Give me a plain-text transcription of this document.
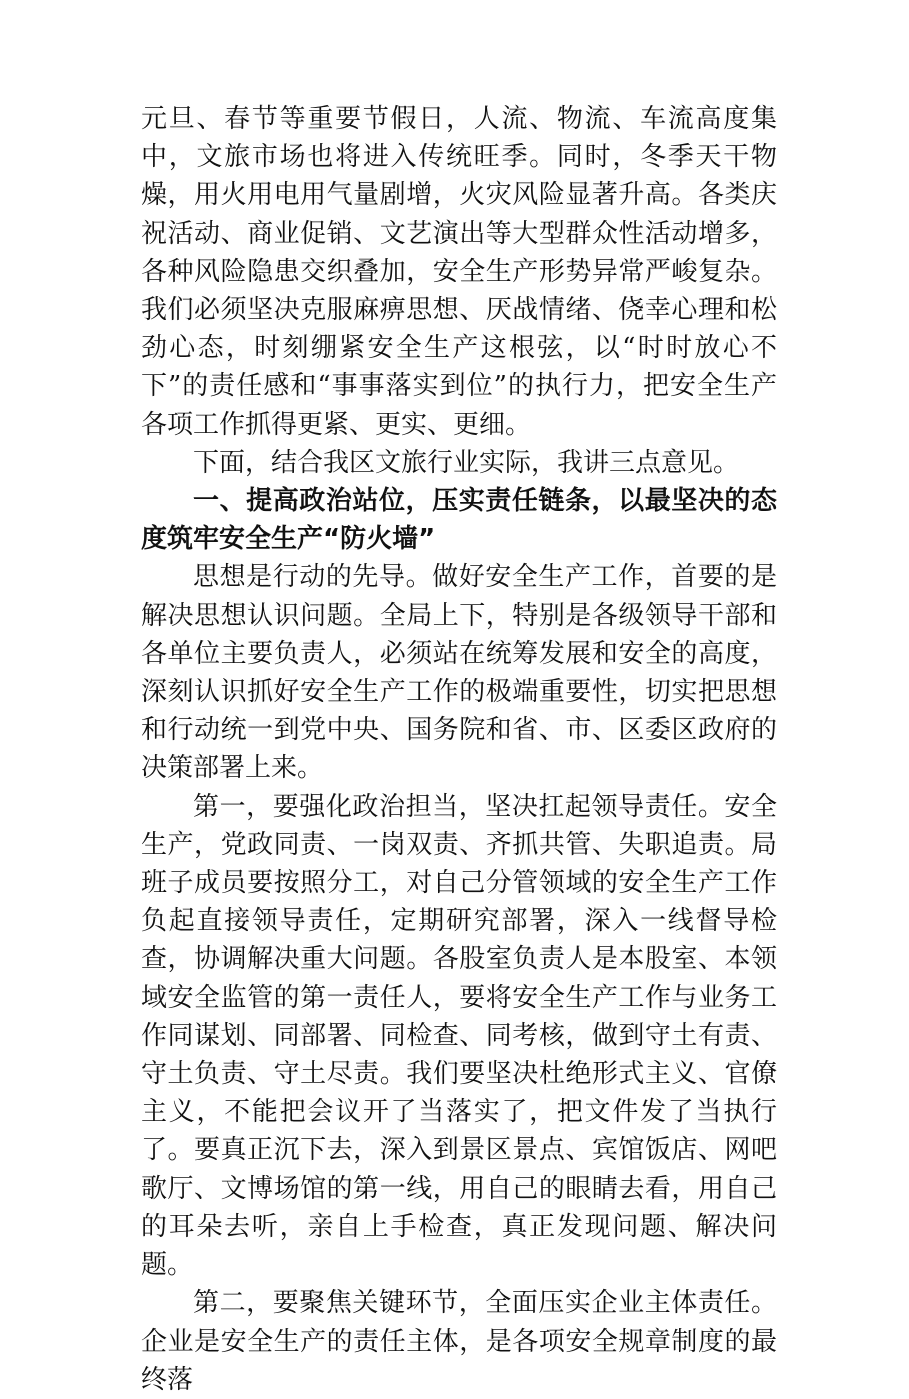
元旦、春节等重要节假日，人流、物流、车流高度集中，文旅市场也将进入传统旺季。同时，冬季天干物燥，用火用电用气量剧增，火灾风险显著升高。各类庆祝活动、商业促销、文艺演出等大型群众性活动增多，各种风险隐患交织叠加，安全生产形势异常严峻复杂。我们必须坚决克服麻痹思想、厌战情绪、侥幸心理和松劲心态，时刻绷紧安全生产这根弦，以“时时放心不下”的责任感和“事事落实到位”的执行力，把安全生产各项工作抓得更紧、更实、更细。

下面，结合我区文旅行业实际，我讲三点意见。

一、提高政治站位，压实责任链条，以最坚决的态度筑牢安全生产“防火墙”

思想是行动的先导。做好安全生产工作，首要的是解决思想认识问题。全局上下，特别是各级领导干部和各单位主要负责人，必须站在统筹发展和安全的高度，深刻认识抓好安全生产工作的极端重要性，切实把思想和行动统一到党中央、国务院和省、市、区委区政府的决策部署上来。

第一，要强化政治担当，坚决扛起领导责任。安全生产，党政同责、一岗双责、齐抓共管、失职追责。局班子成员要按照分工，对自己分管领域的安全生产工作负起直接领导责任，定期研究部署，深入一线督导检查，协调解决重大问题。各股室负责人是本股室、本领域安全监管的第一责任人，要将安全生产工作与业务工作同谋划、同部署、同检查、同考核，做到守土有责、守土负责、守土尽责。我们要坚决杜绝形式主义、官僚主义，不能把会议开了当落实了，把文件发了当执行了。要真正沉下去，深入到景区景点、宾馆饭店、网吧歌厅、文博场馆的第一线，用自己的眼睛去看，用自己的耳朵去听，亲自上手检查，真正发现问题、解决问题。

第二，要聚焦关键环节，全面压实企业主体责任。企业是安全生产的责任主体，是各项安全规章制度的最终落
